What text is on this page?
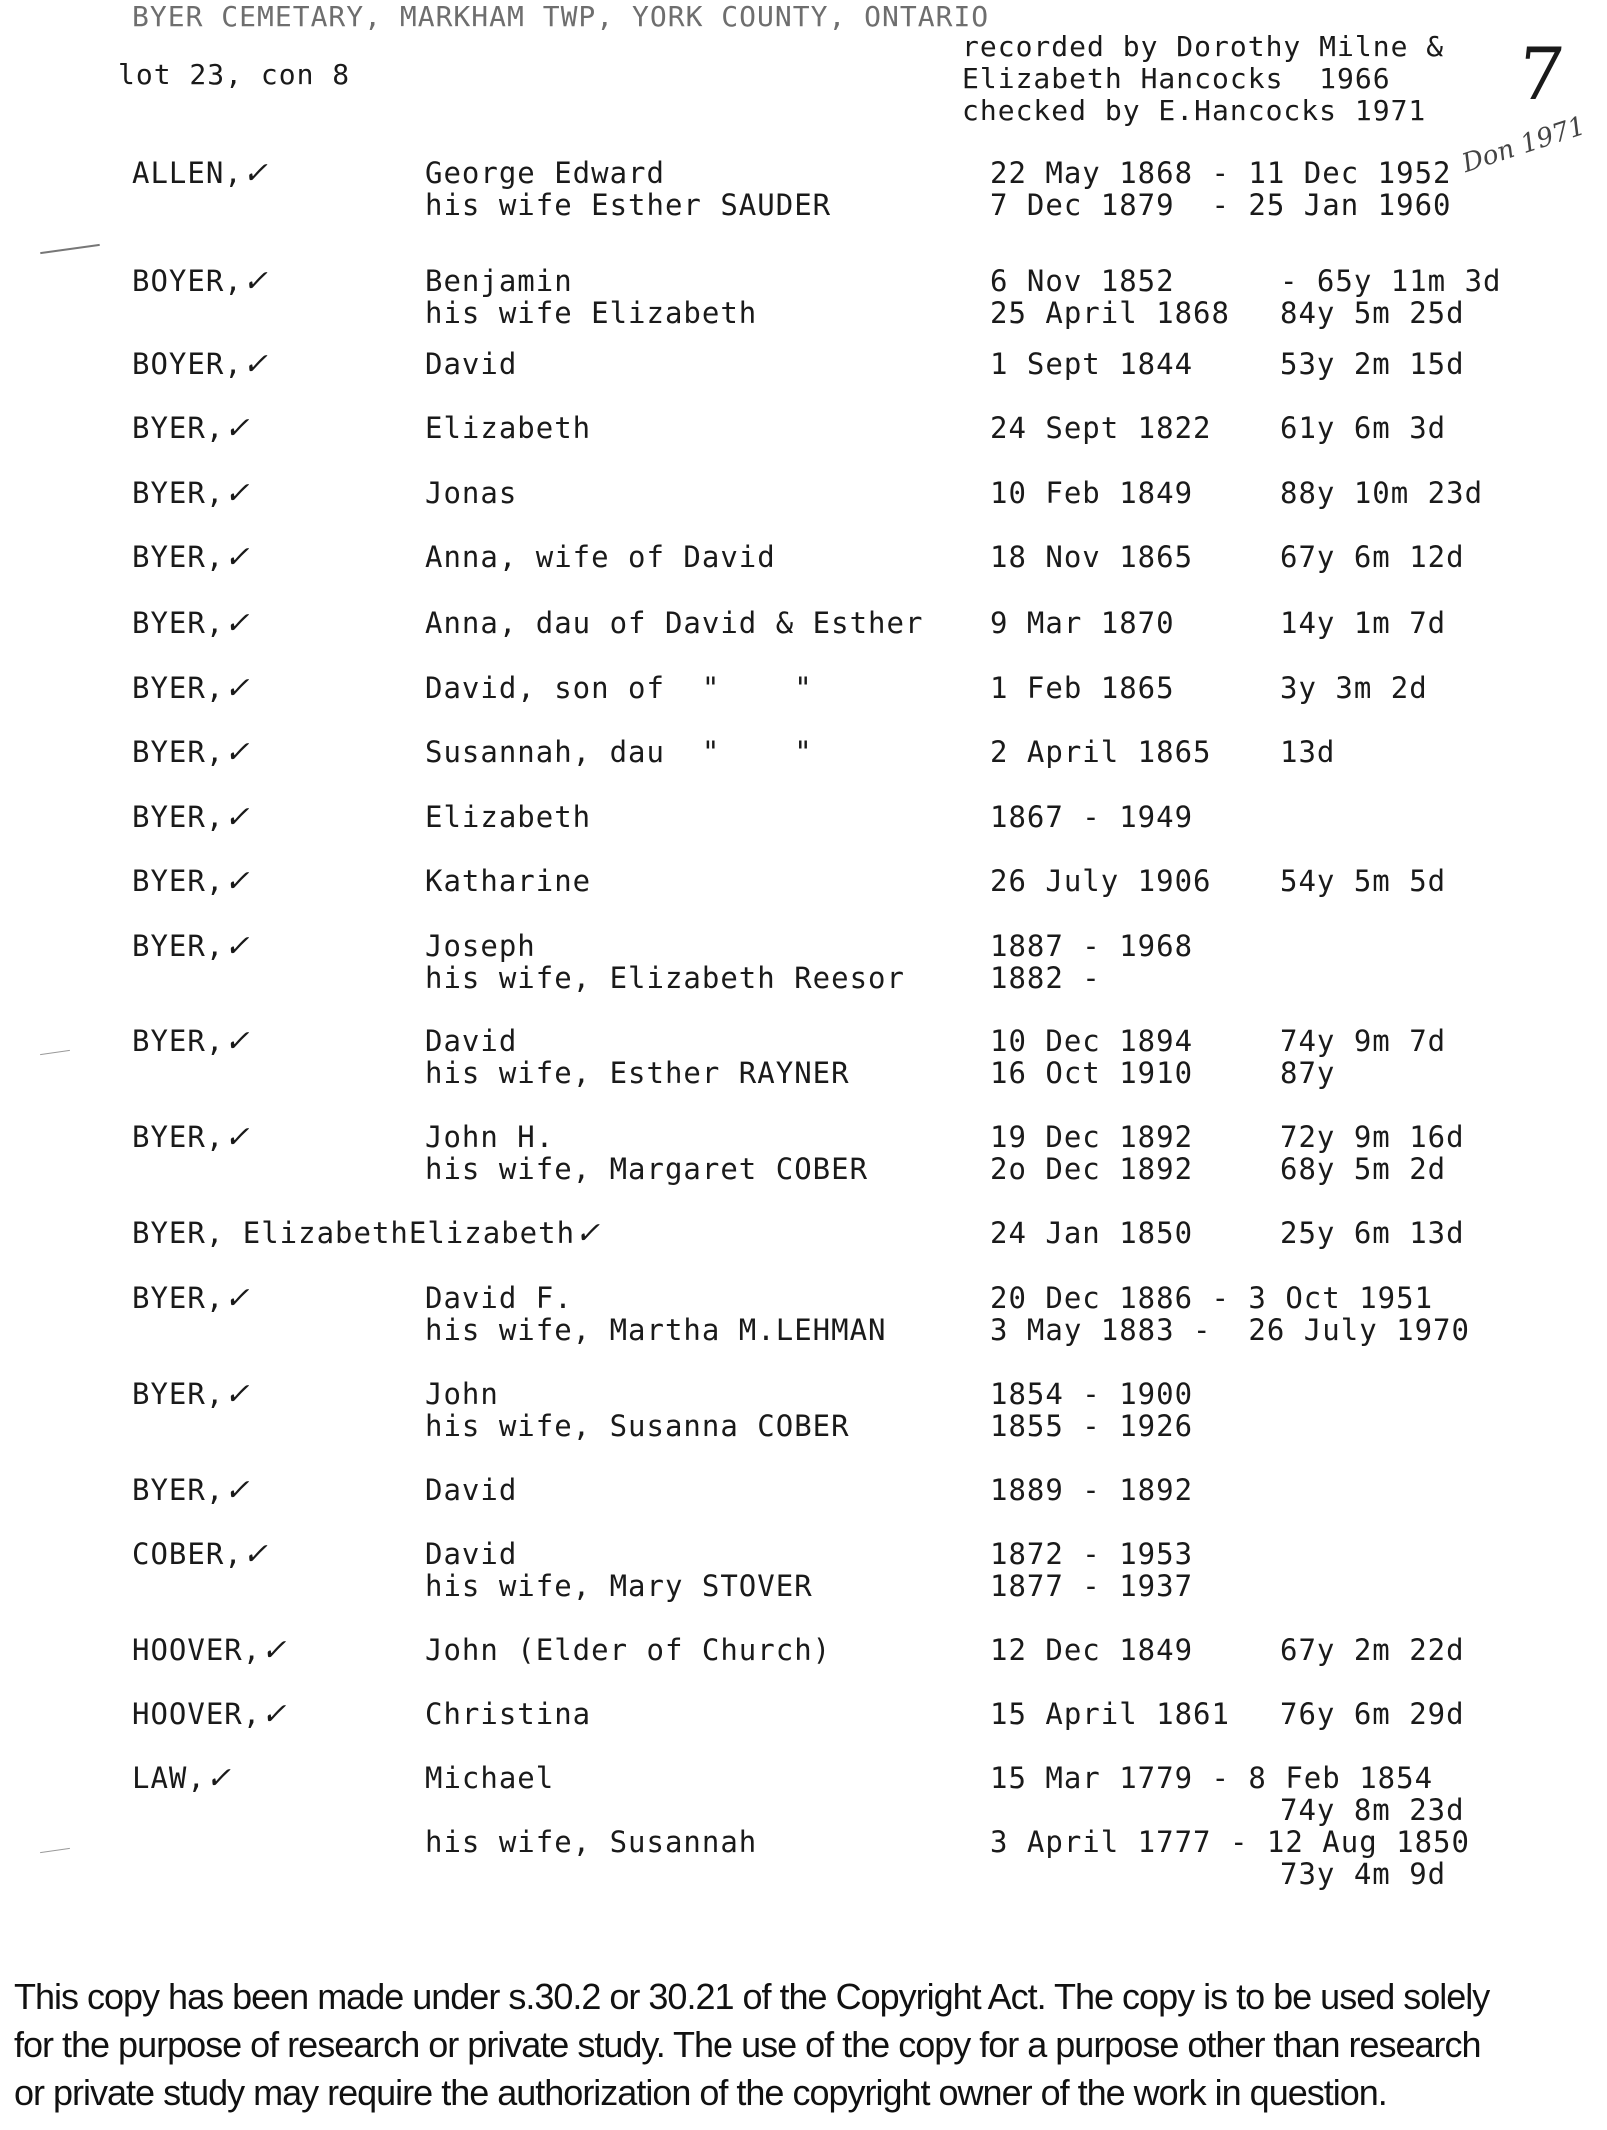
BYER CEMETARY, MARKHAM TWP, YORK COUNTY, ONTARIO
lot 23, con 8
recorded by Dorothy Milne &
Elizabeth Hancocks  1966
checked by E.Hancocks 1971 7
Don 1971
ALLEN,✓	George Edward	22 May 1868 - 11 Dec 1952
his wife Esther SAUDER	7 Dec 1879  - 25 Jan 1960
BOYER,✓	Benjamin	6 Nov 1852	- 65y 11m 3d
his wife Elizabeth	25 April 1868 84y 5m 25d
BOYER,✓	David	1 Sept 1844	53y 2m 15d
BYER,✓	Elizabeth	24 Sept 1822 61y 6m 3d
BYER,✓	Jonas	10 Feb 1849	88y 10m 23d
BYER,✓	Anna, wife of David	18 Nov 1865	67y 6m 12d
BYER,✓	Anna, dau of David & Esther 9 Mar 1870	14y 1m 7d
BYER,✓	David, son of  "    "	1 Feb 1865	3y 3m 2d
BYER,✓	Susannah, dau  "    "	2 April 1865 13d
BYER,✓	Elizabeth	1867 - 1949
BYER,✓	Katharine	26 July 1906 54y 5m 5d
BYER,✓	Joseph	1887 - 1968
his wife, Elizabeth Reesor	1882 -
BYER,✓	David	10 Dec 1894	74y 9m 7d
his wife, Esther RAYNER	16 Oct 1910	87y
BYER,✓	John H.	19 Dec 1892	72y 9m 16d
his wife, Margaret COBER	2o Dec 1892	68y 5m 2d
BYER, ElizabethElizabeth✓	24 Jan 1850	25y 6m 13d
BYER,✓	David F.	20 Dec 1886 - 3 Oct 1951
his wife, Martha M.LEHMAN	3 May 1883 -  26 July 1970
BYER,✓	John	1854 - 1900
his wife, Susanna COBER	1855 - 1926
BYER,✓	David	1889 - 1892
COBER,✓	David	1872 - 1953
his wife, Mary STOVER	1877 - 1937
HOOVER,✓	John (Elder of Church)	12 Dec 1849	67y 2m 22d
HOOVER,✓	Christina	15 April 1861 76y 6m 29d
LAW,✓	Michael	15 Mar 1779 - 8 Feb 1854
74y 8m 23d
his wife, Susannah	3 April 1777 - 12 Aug 1850
73y 4m 9d
This copy has been made under s.30.2 or 30.21 of the Copyright Act. The copy is to be used solely
for the purpose of research or private study. The use of the copy for a purpose other than research
or private study may require the authorization of the copyright owner of the work in question.
